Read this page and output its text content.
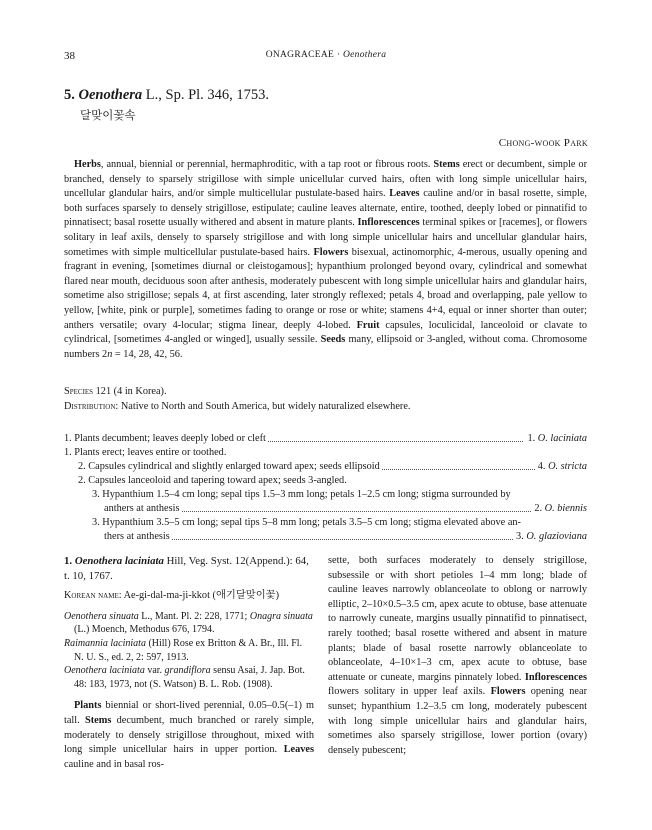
38	ONAGRACEAE · Oenothera
5. Oenothera L., Sp. Pl. 346, 1753.
달맞이꽃속
Chong-wook Park
Herbs, annual, biennial or perennial, hermaphroditic, with a tap root or fibrous roots. Stems erect or decumbent, simple or branched, densely to sparsely strigillose with simple unicellular curved hairs, often with long simple unicellular hairs, uncellular glandular hairs, and/or simple multicellular pustulate-based hairs. Leaves cauline and/or in basal rosette, simple, both surfaces sparsely to densely strigillose, estipulate; cauline leaves alternate, entire, toothed, deeply lobed or pinnatifid to pinnatisect; basal rosette usually withered and absent in mature plants. Inflorescences terminal spikes or [racemes], or flowers solitary in leaf axils, densely to sparsely strigillose and with long simple unicellular hairs and uncellular glandular hairs, sometimes with simple multicellular pustulate-based hairs. Flowers bisexual, actinomorphic, 4-merous, usually opening and fragrant in evening, [sometimes diurnal or cleistogamous]; hypanthium prolonged beyond ovary, cylindrical and somewhat flared near mouth, deciduous soon after anthesis, moderately pubescent with long simple unicellular hairs and glandular hairs, sometime also strigillose; sepals 4, at first ascending, later strongly reflexed; petals 4, broad and overlapping, pale yellow to yellow, [white, pink or purple], sometimes fading to orange or rose or white; stamens 4+4, equal or inner shorter than outer; anthers versatile; ovary 4-locular; stigma linear, deeply 4-lobed. Fruit capsules, loculicidal, lanceoloid or clavate to cylindrical, [sometimes 4-angled or winged], usually sessile. Seeds many, ellipsoid or 3-angled, without coma. Chromosome numbers 2n = 14, 28, 42, 56.
Species 121 (4 in Korea).
Distribution: Native to North and South America, but widely naturalized elsewhere.
1. Plants decumbent; leaves deeply lobed or cleft	1. O. laciniata
1. Plants erect; leaves entire or toothed.
2. Capsules cylindrical and slightly enlarged toward apex; seeds ellipsoid	4. O. stricta
2. Capsules lanceoloid and tapering toward apex; seeds 3-angled.
3. Hypanthium 1.5–4 cm long; sepal tips 1.5–3 mm long; petals 1–2.5 cm long; stigma surrounded by
anthers at anthesis	2. O. biennis
3. Hypanthium 3.5–5 cm long; sepal tips 5–8 mm long; petals 3.5–5 cm long; stigma elevated above an-
thers at anthesis	3. O. glazioviana

1. Oenothera laciniata Hill, Veg. Syst. 12(Append.): 64, t. 10, 1767.

Korean name: Ae-gi-dal-ma-ji-kkot (애기달맞이꽃)

Oenothera sinuata L., Mant. Pl. 2: 228, 1771; Onagra sinuata (L.) Moench, Methodus 676, 1794.

Raimannia laciniata (Hill) Rose ex Britton & A. Br., Ill. Fl. N. U. S., ed. 2, 2: 597, 1913.

Oenothera laciniata var. grandiflora sensu Asai, J. Jap. Bot. 48: 183, 1973, not (S. Watson) B. L. Rob. (1908).

Plants biennial or short-lived perennial, 0.05–0.5(–1) m tall. Stems decumbent, much branched or rarely simple, moderately to densely strigillose throughout, mixed with long simple unicellular hairs in upper portion. Leaves cauline and in basal ros-

sette, both surfaces moderately to densely strigillose, subsessile or with short petioles 1–4 mm long; blade of cauline leaves narrowly oblanceolate to oblong or narrowly elliptic, 2–10×0.5–3.5 cm, apex acute to obtuse, base attenuate to narrowly cuneate, margins usually pinnatifid to pinnatisect, rarely toothed; basal rosette withered and absent in mature plants; blade of basal rosette narrowly oblanceolate to oblanceolate, 4–10×1–3 cm, apex acute to obtuse, base attenuate or cuneate, margins pinnately lobed. Inflorescences flowers solitary in upper leaf axils. Flowers opening near sunset; hypanthium 1.2–3.5 cm long, moderately pubescent with long simple unicellular hairs and glandular hairs, sometimes also sparsely strigillose, lower portion (ovary) densely pubescent;
